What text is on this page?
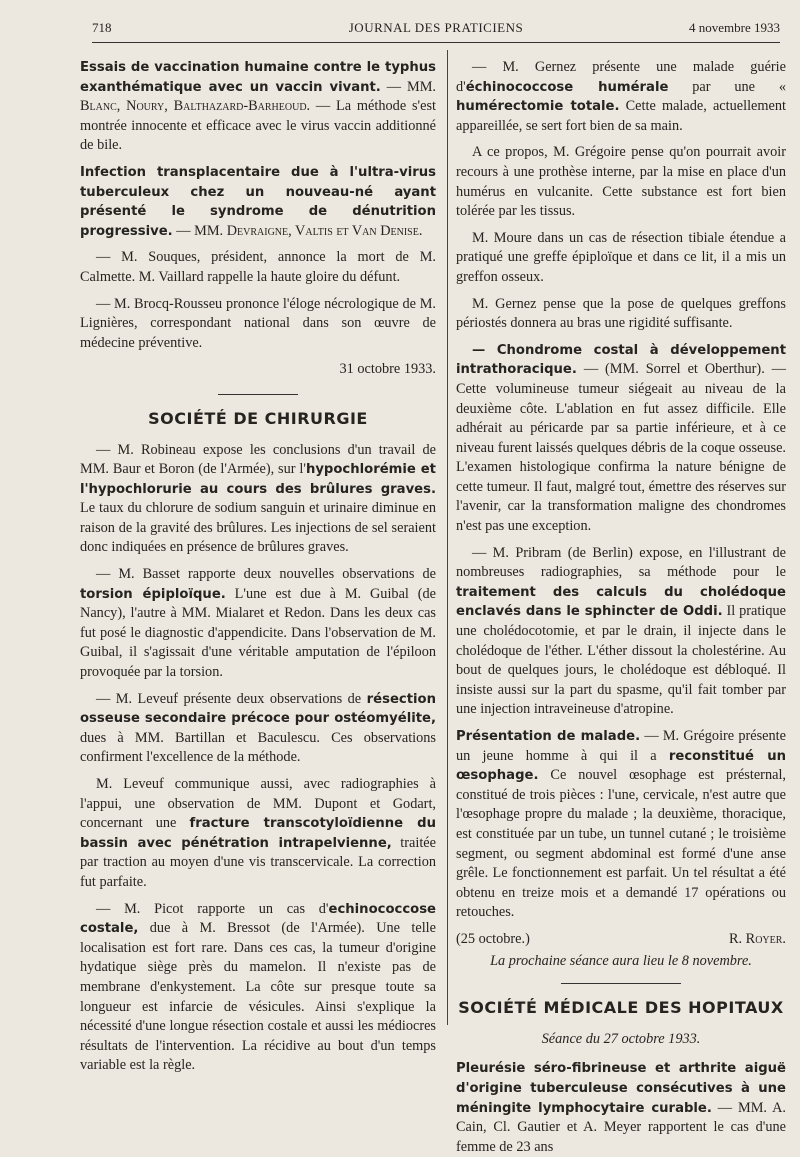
718	JOURNAL DES PRATICIENS	4 novembre 1933

Essais de vaccination humaine contre le typhus exanthématique avec un vaccin vivant. — MM. Blanc, Noury, Balthazard-Barheoud. — La méthode s'est montrée innocente et efficace avec le virus vaccin additionné de bile.

Infection transplacentaire due à l'ultra-virus tuberculeux chez un nouveau-né ayant présenté le syndrome de dénutrition progressive. — MM. Devraigne, Valtis et Van Denise.

— M. Souques, président, annonce la mort de M. Calmette. M. Vaillard rappelle la haute gloire du défunt.

— M. Brocq-Rousseu prononce l'éloge nécrologique de M. Lignières, correspondant national dans son œuvre de médecine préventive.

31 octobre 1933.
SOCIÉTÉ DE CHIRURGIE

— M. Robineau expose les conclusions d'un travail de MM. Baur et Boron (de l'Armée), sur l'hypochlorémie et l'hypochlorurie au cours des brûlures graves. Le taux du chlorure de sodium sanguin et urinaire diminue en raison de la gravité des brûlures. Les injections de sel seraient donc indiquées en présence de brûlures graves.

— M. Basset rapporte deux nouvelles observations de torsion épiploïque. L'une est due à M. Guibal (de Nancy), l'autre à MM. Mialaret et Redon. Dans les deux cas fut posé le diagnostic d'appendicite. Dans l'observation de M. Guibal, il s'agissait d'une véritable amputation de l'épiloon provoquée par la torsion.

— M. Leveuf présente deux observations de résection osseuse secondaire précoce pour ostéomyélite, dues à MM. Bartillan et Baculescu. Ces observations confirment l'excellence de la méthode.

M. Leveuf communique aussi, avec radiographies à l'appui, une observation de MM. Dupont et Godart, concernant une fracture transcotyloïdienne du bassin avec pénétration intrapelvienne, traitée par traction au moyen d'une vis transcervicale. La correction fut parfaite.

— M. Picot rapporte un cas d'echinococcose costale, due à M. Bressot (de l'Armée). Une telle localisation est fort rare. Dans ces cas, la tumeur d'origine hydatique siège près du mamelon. Il n'existe pas de membrane d'enkystement. La côte sur presque toute sa longueur est infarcie de vésicules. Ainsi s'explique la nécessité d'une longue résection costale et aussi les médiocres résultats de l'intervention. La récidive au bout d'un temps variable est la règle.

— M. Gernez présente une malade guérie d'échinococcose humérale par une « humérectomie totale. Cette malade, actuellement appareillée, se sert fort bien de sa main.

A ce propos, M. Grégoire pense qu'on pourrait avoir recours à une prothèse interne, par la mise en place d'un humérus en vulcanite. Cette substance est fort bien tolérée par les tissus.

M. Moure dans un cas de résection tibiale étendue a pratiqué une greffe épiploïque et dans ce lit, il a mis un greffon osseux.

M. Gernez pense que la pose de quelques greffons périostés donnera au bras une rigidité suffisante.

— Chondrome costal à développement intrathoracique. — (MM. Sorrel et Oberthur). — Cette volumineuse tumeur siégeait au niveau de la deuxième côte. L'ablation en fut assez difficile. Elle adhérait au péricarde par sa partie inférieure, et à ce niveau furent laissés quelques débris de la coque osseuse. L'examen histologique confirma la nature bénigne de cette tumeur. Il faut, malgré tout, émettre des réserves sur l'avenir, car la transformation maligne des chondromes n'est pas une exception.

— M. Pribram (de Berlin) expose, en l'illustrant de nombreuses radiographies, sa méthode pour le traitement des calculs du cholédoque enclavés dans le sphincter de Oddi. Il pratique une cholédocotomie, et par le drain, il injecte dans le cholédoque de l'éther. L'éther dissout la cholestérine. Au bout de quelques jours, le cholédoque est débloqué. Il insiste aussi sur la part du spasme, qu'il fait tomber par une injection intraveineuse d'atropine.

Présentation de malade. — M. Grégoire présente un jeune homme à qui il a reconstitué un œsophage. Ce nouvel œsophage est présternal, constitué de trois pièces : l'une, cervicale, n'est autre que l'œsophage propre du malade ; la deuxième, thoracique, est constituée par un tube, un tunnel cutané ; le troisième segment, ou segment abdominal est formé d'une anse grêle. Le fonctionnement est parfait. Un tel résultat a été obtenu en treize mois et a demandé 17 opérations ou retouches.

(25 octobre.)	R. Royer.
La prochaine séance aura lieu le 8 novembre.
SOCIÉTÉ MÉDICALE DES HOPITAUX
Séance du 27 octobre 1933.

Pleurésie séro-fibrineuse et arthrite aiguë d'origine tuberculeuse consécutives à une méningite lymphocytaire curable. — MM. A. Cain, Cl. Gautier et A. Meyer rapportent le cas d'une femme de 23 ans
